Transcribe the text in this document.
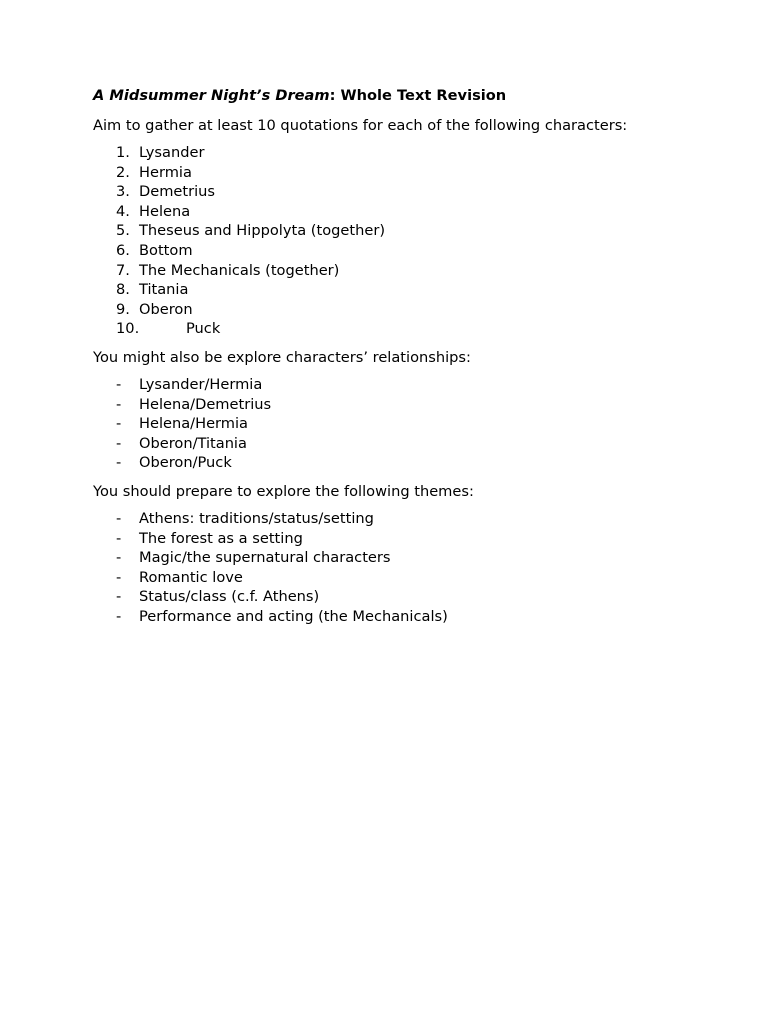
A Midsummer Night’s Dream: Whole Text Revision

Aim to gather at least 10 quotations for each of the following characters:

1. Lysander
2. Hermia
3. Demetrius
4. Helena
5. Theseus and Hippolyta (together)
6. Bottom
7. The Mechanicals (together)
8. Titania
9. Oberon
10.	Puck

You might also be explore characters’ relationships:

- Lysander/Hermia
- Helena/Demetrius
- Helena/Hermia
- Oberon/Titania
- Oberon/Puck

You should prepare to explore the following themes:

- Athens: traditions/status/setting
- The forest as a setting
- Magic/the supernatural characters
- Romantic love
- Status/class (c.f. Athens)
- Performance and acting (the Mechanicals)
